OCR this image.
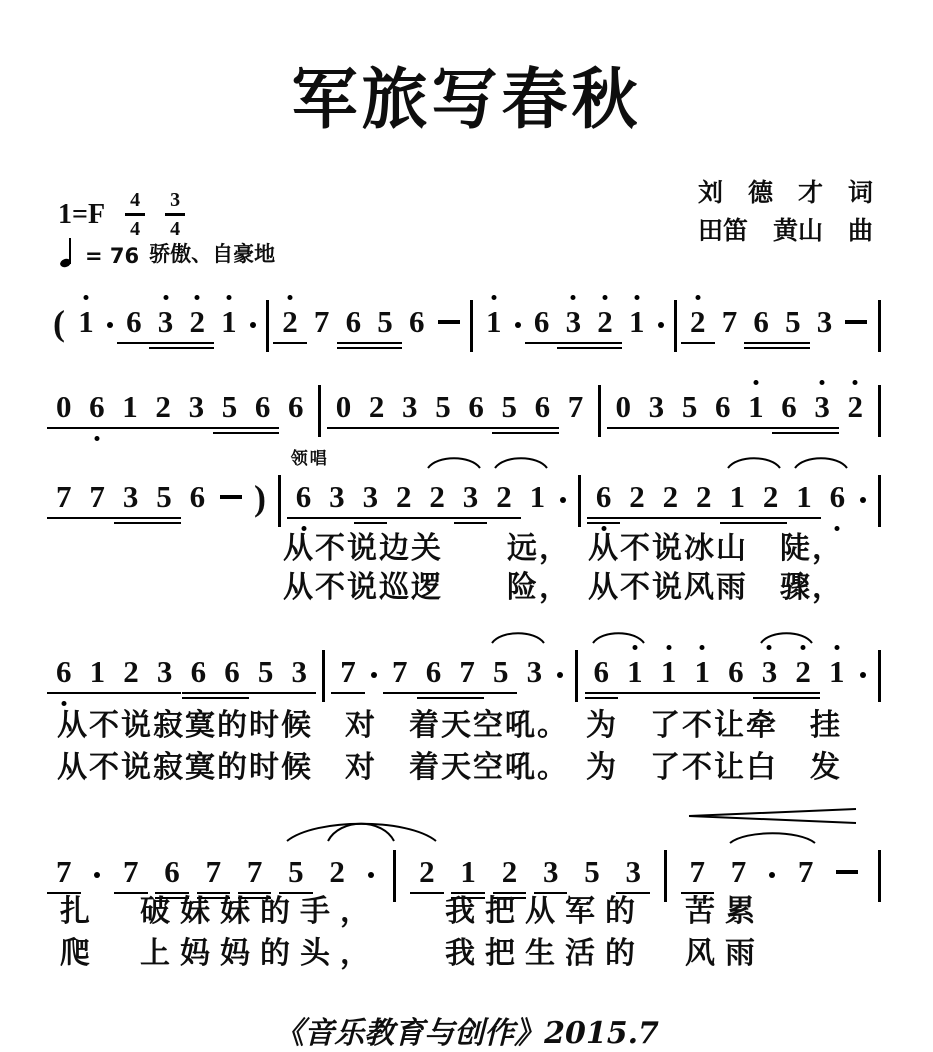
军旅写春秋
$1=F \frac{4}{4} \frac{3}{4}$
= 76 骄傲、自豪地
刘　德　才　词
田笛　黄山　曲
( 1 6 3 2 1 2 7 6 5 6 1 6 3 2 1 2 7 6 5 3
0 6 1 2 3 5 6 6 0 2 3 5 6 5 6 7 0 3 5 6 1 6 3 2
7 7 3 5 6 )
领唱
6 3 3 2 2 3 2 1 6 2 2 2 1 2 1 6
6 1 2 3 6 6 5 3 7 7 6 7 5 3 6 1 1 1 6 3 2 1
7 7 6 7 7 5 2 2 1 2 3 5 3 7 7 7
《音乐教育与创作》2015.7
从不说边关　　远，　从不说冰山　陡，
从不说巡逻　　险，　从不说风雨　骤，
从不说寂寞的时候　对　着天空吼。　为　了不让牵　挂
从不说寂寞的时候　对　着天空吼。　为　了不让白　发
扎　破妹妹的手，　　我把从军的　苦累
爬　上妈妈的头，　　我把生活的　风雨
